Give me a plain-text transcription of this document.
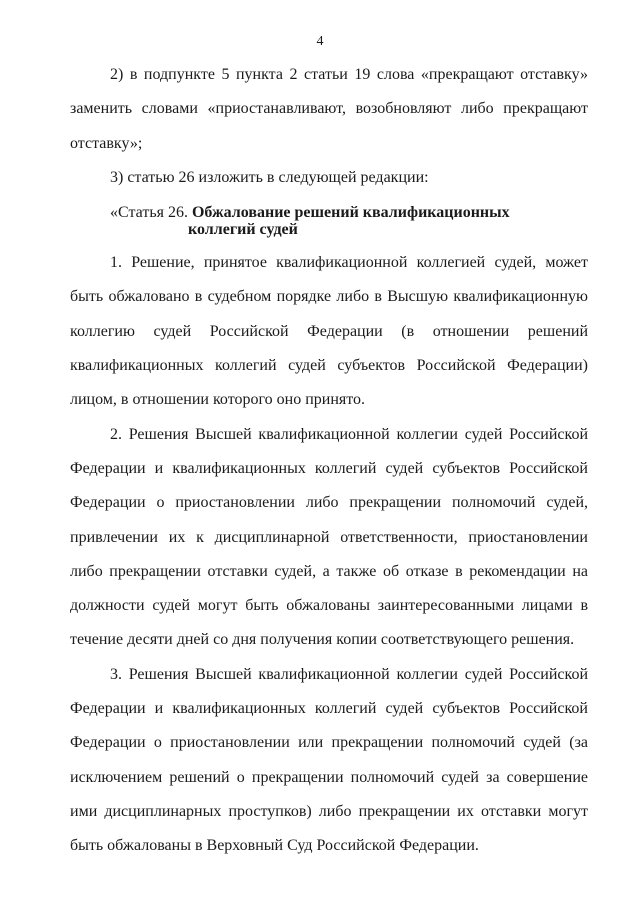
4

2) в подпункте 5 пункта 2 статьи 19 слова «прекращают отставку» заменить словами «приостанавливают, возобновляют либо прекращают отставку»;

3) статью 26 изложить в следующей редакции:

«Статья 26. Обжалование решений квалификационных
коллегий судей

1. Решение, принятое квалификационной коллегией судей, может быть обжаловано в судебном порядке либо в Высшую квалификационную коллегию судей Российской Федерации (в отношении решений квалификационных коллегий судей субъектов Российской Федерации) лицом, в отношении которого оно принято.

2. Решения Высшей квалификационной коллегии судей Российской Федерации и квалификационных коллегий судей субъектов Российской Федерации о приостановлении либо прекращении полномочий судей, привлечении их к дисциплинарной ответственности, приостановлении либо прекращении отставки судей, а также об отказе в рекомендации на должности судей могут быть обжалованы заинтересованными лицами в течение десяти дней со дня получения копии соответствующего решения.

3. Решения Высшей квалификационной коллегии судей Российской Федерации и квалификационных коллегий судей субъектов Российской Федерации о приостановлении или прекращении полномочий судей (за исключением решений о прекращении полномочий судей за совершение ими дисциплинарных проступков) либо прекращении их отставки могут быть обжалованы в Верховный Суд Российской Федерации.
